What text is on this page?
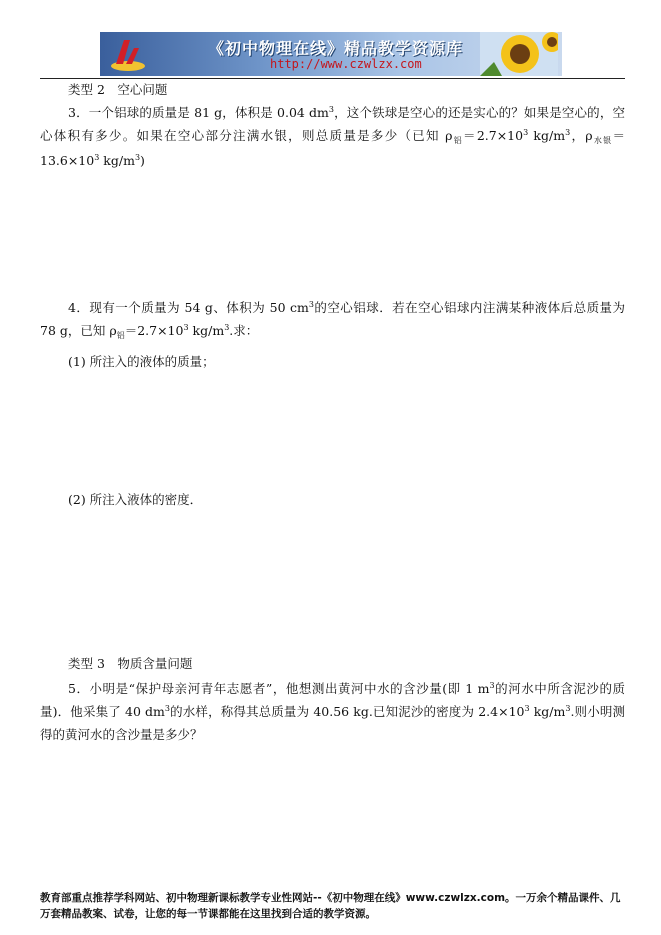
《初中物理在线》精品教学资源库
http://www.czwlzx.com

类型 2　空心问题

3．一个铝球的质量是 81 g，体积是 0.04 $dm^3$，这个铁球是空心的还是实心的？如果是空心的，空心体积有多少。如果在空心部分注满水银，则总质量是多少（已知 $\rho_铝=2.7\times 10^3$ $kg/m^3$，$\rho_{水银}=13.6\times 10^3$ $kg/m^3$)

4．现有一个质量为 54 g、体积为 50 $cm^3$的空心铝球．若在空心铝球内注满某种液体后总质量为 78 g，已知 $\rho_铝=2.7\times 10^3$ $kg/m^3$.求：

(1) 所注入的液体的质量；

(2) 所注入液体的密度．

类型 3　物质含量问题

5．小明是“保护母亲河青年志愿者”，他想测出黄河中水的含沙量(即 1 $m^3$的河水中所含泥沙的质量)．他采集了 40 $dm^3$的水样，称得其总质量为 40.56 kg.已知泥沙的密度为 $2.4\times 10^3$ $kg/m^3$.则小明测得的黄河水的含沙量是多少？

教育部重点推荐学科网站、初中物理新课标教学专业性网站--《初中物理在线》www.czwlzx.com。一万余个精品课件、几万套精品教案、试卷，让您的每一节课都能在这里找到合适的教学资源。
